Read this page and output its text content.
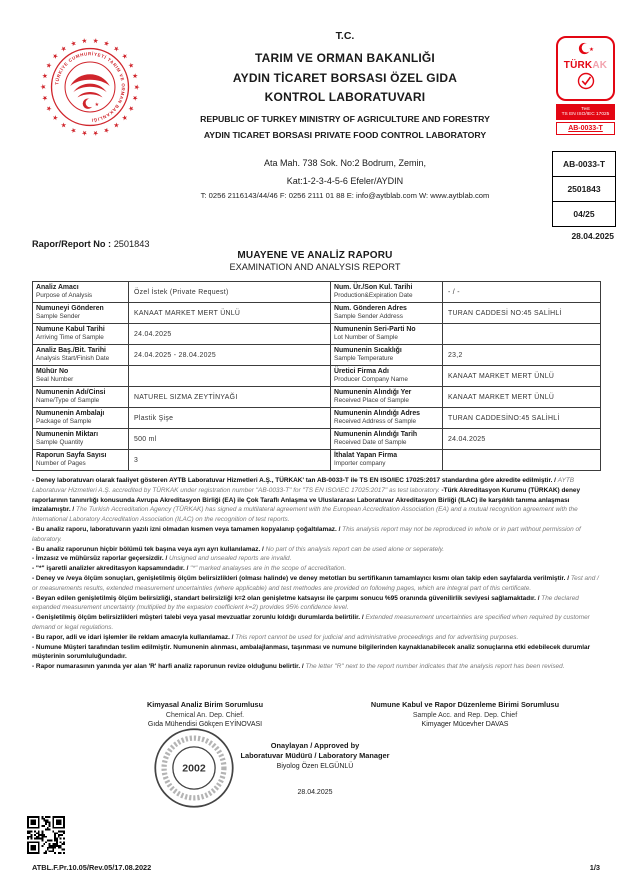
★
★
★
★
★
★
★
★
★
★
★
★
★
★
★
★
★
★
★ ★ ★ ★
★
★
★
★
TÜRKİYE CUMHURİYETİ TARIM VE ORMAN BAKANLIĞI
★
T.C.
TARIM VE ORMAN BAKANLIĞI
AYDIN TİCARET BORSASI ÖZEL GIDA
KONTROL LABORATUVARI
REPUBLIC OF TURKEY MINISTRY OF AGRICULTURE AND FORESTRY
AYDIN TICARET BORSASI PRIVATE FOOD CONTROL LABORATORY
Ata Mah. 738 Sok. No:2 Bodrum, Zemin,
Kat:1-2-3-4-5-6 Efeler/AYDIN
T: 0256 2116143/44/46 F: 0256 2111 01 88 E: info@aytblab.com W: www.aytblab.com
★
TÜRKAK
Test
TS EN ISO/IEC 17025
AB-0033-T
AB-0033-T
2501843
04/25
28.04.2025
Rapor/Report No : 2501843
MUAYENE VE ANALİZ RAPORU
EXAMINATION AND ANALYSIS REPORT
Analiz Amacı
Purpose of Analysis
Özel İstek (Private Request)
Num. Ür./Son Kul. Tarihi
Production&Expiration Date
- / -
Numuneyi Gönderen
Sample Sender
KANAAT MARKET MERT ÜNLÜ
Num. Gönderen Adres
Sample Sender Address
TURAN CADDESİ NO:45 SALİHLİ
Numune Kabul Tarihi
Arriving Time of Sample
24.04.2025
Numunenin Seri-Parti No
Lot Number of Sample
Analiz Baş./Bit. Tarihi
Analysis Start/Finish Date
24.04.2025 - 28.04.2025
Numunenin Sıcaklığı
Sample Temperature
23,2
Mühür No
Seal Number
Üretici Firma Adı
Producer Company Name
KANAAT MARKET MERT ÜNLÜ
Numunenin Adı/Cinsi
Name/Type of Sample
NATUREL SIZMA ZEYTİNYAĞI
Numunenin Alındığı Yer
Received Place of Sample
KANAAT MARKET MERT ÜNLÜ
Numunenin Ambalajı
Package of Sample
Plastik Şişe
Numunenin Alındığı Adres
Received Address of Sample
TURAN CADDESİNO:45 SALİHLİ
Numunenin Miktarı
Sample Quantity
500 ml
Numunenin Alındığı Tarih
Received Date of Sample
24.04.2025
Raporun Sayfa Sayısı
Number of Pages
3
İthalat Yapan Firma
Importer company

- Deney laboratuvarı olarak faaliyet gösteren AYTB Laboratuvar Hizmetleri A.Ş., TÜRKAK' tan AB-0033-T ile TS EN ISO/IEC 17025:2017 standardına göre akredite edilmiştir. / AYTB Laboratuvar Hizmetleri A.Ş. accredited by TÜRKAK under registration number "AB-0033-T" for "TS EN ISO/IEC 17025:2017" as test laboratory. -Türk Akreditasyon Kurumu (TÜRKAK) deney raporlarının tanınırlığı konusunda Avrupa Akreditasyon Birliği (EA) ile Çok Taraflı Anlaşma ve Uluslararası Laboratuvar Akreditasyon Birliği (ILAC) ile karşılıklı tanıma anlaşması imzalamıştır. / The Turkish Accreditation Agency (TÜRKAK) has signed a multilateral agreement with the European Accreditation Association (EA) and a mutual recognition agreement with the International Laboratory Accreditation Association (ILAC) on the recognition of test reports.

- Bu analiz raporu, laboratuvarın yazılı izni olmadan kısmen veya tamamen kopyalanıp çoğaltılamaz. / This analysis report may not be reproduced in whole or in part without permission of laboratory.

- Bu analiz raporunun hiçbir bölümü tek başına veya ayrı ayrı kullanılamaz. / No part of this analysis report can be used alone or seperately.

- İmzasız ve mühürsüz raporlar geçersizdir. / Unsigned and unsealed reports are invalid.

- "*" işaretli analizler akreditasyon kapsamındadır. / "*" marked analayses are in the scope of accreditation.

- Deney ve /veya ölçüm sonuçları, genişletilmiş ölçüm belirsizlikleri (olması halinde) ve deney metotları bu sertifikanın tamamlayıcı kısmı olan takip eden sayfalarda verilmiştir. / Test and / or measurements results, extended measurement uncertainties (where applicable) and test methodes are provided on following pages, which are integral part of this certificate.

- Beyan edilen genişletilmiş ölçüm belirsizliği, standart belirsizliği k=2 olan genişletme katsayısı ile çarpımı sonucu %95 oranında güvenilirlik seviyesi sağlamaktadır. / The declared expanded measurement uncertainty (multiplied by the expasion coefficient k=2) provides 95% confidence level.

- Genişletilmiş ölçüm belirsizlikleri müşteri talebi veya yasal mevzuatlar zorunlu kıldığı durumlarda belirtilir. / Extended measurement uncertainties are specified when required by customer demand or legal regulations.

- Bu rapor, adli ve idari işlemler ile reklam amacıyla kullanılamaz. / This report cannot be used for judicial and administrative proceedings and for advertising purposes.

- Numune Müşteri tarafından teslim edilmiştir. Numunenin alınması, ambalajlanması, taşınması ve numune bilgilerinden kaynaklanabilecek analiz sonuçlarına etki edebilecek durumlar müşterinin sorumluluğundadır.

- Rapor numarasının yanında yer alan 'R' harfi analiz raporunun revize olduğunu belirtir. / The letter "R" next to the report number indicates that the analysis report has been revised.

Kimyasal Analiz Birim Sorumlusu
Chemical An. Dep. Chief.
Gıda Mühendisi Gökçen EYİNOVASI
Numune Kabul ve Rapor Düzenleme Birimi Sorumlusu
Sample Acc. and Rep. Dep. Chief
Kimyager Mücevher DAVAS
2002
Onaylayan / Approved by
Laboratuvar Müdürü / Laboratory Manager
Biyolog Özen ELGÜNLÜ
28.04.2025
ATBL.F.Pr.10.05/Rev.05/17.08.2022	1/3
